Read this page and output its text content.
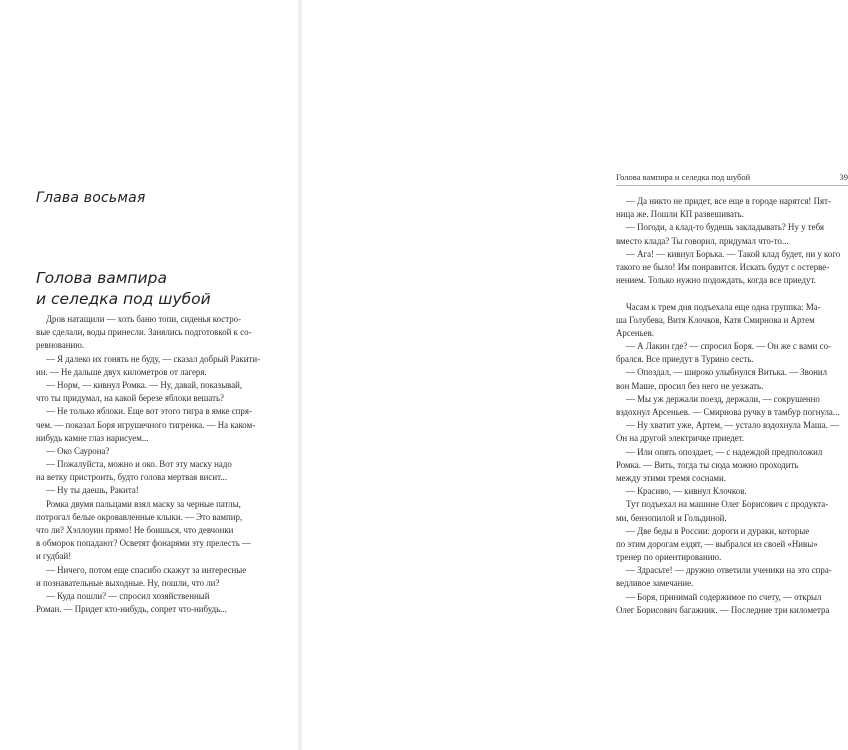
Глава восьмая
Голова вампира
и селедка под шубой
Дров натащили — хоть баню топи, сиденья костро-
вые сделали, воды принесли. Занялись подготовкой к со-
ревнованию.
— Я далеко их гонять не буду, — сказал добрый Ракити-
ин. — Не дальше двух километров от лагеря.
— Норм, — кивнул Ромка. — Ну, давай, показывай,
что ты придумал, на какой березе яблоки вешать?
— Не только яблоки. Еще вот этого тигра в ямке спря-
чем. — показал Боря игрушечного тигренка. — На каком-
нибудь камне глаз нарисуем...
— Око Саурона?
— Пожалуйста, можно и око. Вот эту маску надо
на ветку пристроить, будто голова мертвая висит...
— Ну ты даешь, Ракита!
Ромка двумя пальцами взял маску за черные патлы,
потрогал белые окровавленные клыки. — Это вампир,
что ли? Хэллоуин прямо! Не боишься, что девчонки
в обморок попадают? Осветят фонарями эту прелесть —
и гудбай!
— Ничего, потом еще спасибо скажут за интересные
и познавательные выходные. Ну, пошли, что ли?
— Куда пошли? — спросил хозяйственный
Роман. — Придет кто-нибудь, сопрет что-нибудь...
Голова вампира и селедка под шубой	39
— Да никто не придет, все еще в городе нарятся! Пят-
ница же. Пошли КП развешивать.
— Погоди, а клад-то будешь закладывать? Ну у тебя
вместо клада? Ты говорил, придумал что-то...
— Ага! — кивнул Борька. — Такой клад будет, ни у кого
такого не было! Им понравится. Искать будут с остерве-
нением. Только нужно подождать, когда все приедут.
Часам к трем дня подъехала еще одна группка: Ма-
ша Голубева, Витя Клочков, Катя Смирнова и Артем
Арсеньев.
— А Лакин где? — спросил Боря. — Он же с вами со-
брался. Все приедут в Турино сесть.
— Опоздал, — широко улыбнулся Витька. — Звонил
вон Маше, просил без него не уезжать.
— Мы уж держали поезд, держали, — сокрушенно
вздохнул Арсеньев. — Смирнова ручку в тамбур погнула...
— Ну хватит уже, Артем, — устало вздохнула Маша. —
Он на другой электричке приедет.
— Или опять опоздает, — с надеждой предположил
Ромка. — Вить, тогда ты сюда можно проходить
между этими тремя соснами.
— Красиво, — кивнул Клочков.
Тут подъехал на машине Олег Борисович с продукта-
ми, бензопилой и Гольдиной.
— Две беды в России: дороги и дураки, которые
по этим дорогам ездят, — выбрался из своей «Нивы»
тренер по ориентированию.
— Здрасьте! — дружно ответили ученики на это спра-
ведливое замечание.
— Боря, принимай содержимое по счету, — открыл
Олег Борисович багажник. — Последние три километра
